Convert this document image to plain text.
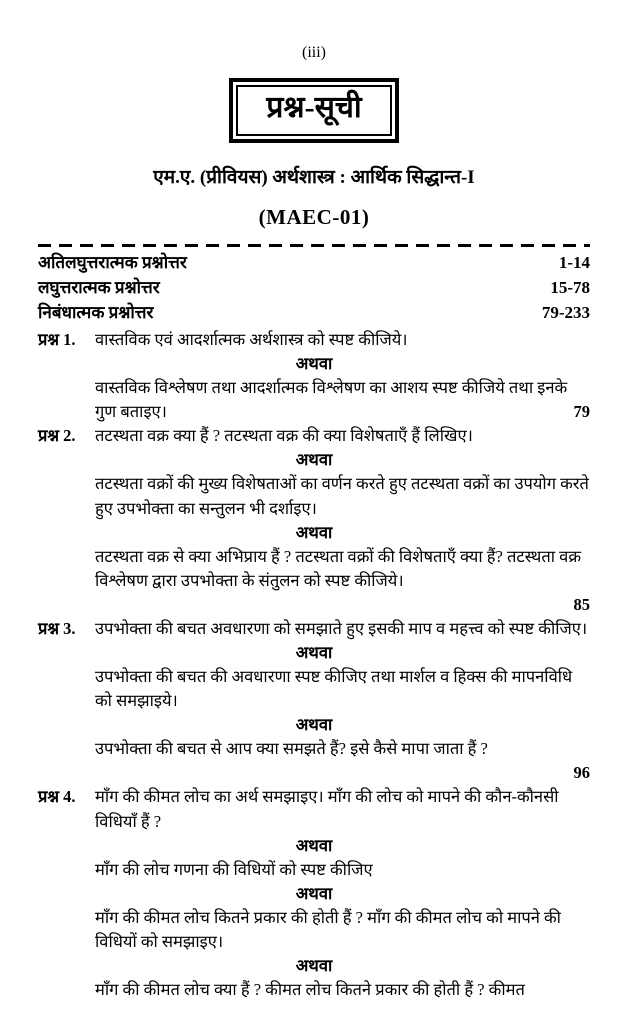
(iii)
प्रश्न-सूची
एम.ए. (प्रीवियस) अर्थशास्त्र : आर्थिक सिद्धान्त-I
(MAEC-01)
अतिलघुत्तरात्मक प्रश्नोत्तर	1-14
लघुत्तरात्मक प्रश्नोत्तर	15-78
निबंधात्मक प्रश्नोत्तर	79-233
प्रश्न 1. वास्तविक एवं आदर्शात्मक अर्थशास्त्र को स्पष्ट कीजिये।

अथवा

वास्तविक विश्लेषण तथा आदर्शात्मक विश्लेषण का आशय स्पष्ट कीजिये तथा इनके गुण बताइए।	79

प्रश्न 2. तटस्थता वक्र क्या हैं ? तटस्थता वक्र की क्या विशेषताएँ हैं लिखिए।

अथवा

तटस्थता वक्रों की मुख्य विशेषताओं का वर्णन करते हुए तटस्थता वक्रों का उपयोग करते हुए उपभोक्ता का सन्तुलन भी दर्शाइए।

अथवा

तटस्थता वक्र से क्या अभिप्राय हैं ? तटस्थता वक्रों की विशेषताएँ क्या हैं? तटस्थता वक्र विश्लेषण द्वारा उपभोक्ता के संतुलन को स्पष्ट कीजिये।

85

प्रश्न 3. उपभोक्ता की बचत अवधारणा को समझाते हुए इसकी माप व महत्त्व को स्पष्ट कीजिए।

अथवा

उपभोक्ता की बचत की अवधारणा स्पष्ट कीजिए तथा मार्शल व हिक्स की मापनविधि को समझाइये।

अथवा

उपभोक्ता की बचत से आप क्या समझते हैं? इसे कैसे मापा जाता हैं ?

96

प्रश्न 4. माँग की कीमत लोच का अर्थ समझाइए। माँग की लोच को मापने की कौन-कौनसी विधियाँ हैं ?

अथवा

माँग की लोच गणना की विधियों को स्पष्ट कीजिए

अथवा

माँग की कीमत लोच कितने प्रकार की होती हैं ? माँग की कीमत लोच को मापने की विधियों को समझाइए।

अथवा

माँग की कीमत लोच क्या हैं ? कीमत लोच कितने प्रकार की होती हैं ? कीमत
